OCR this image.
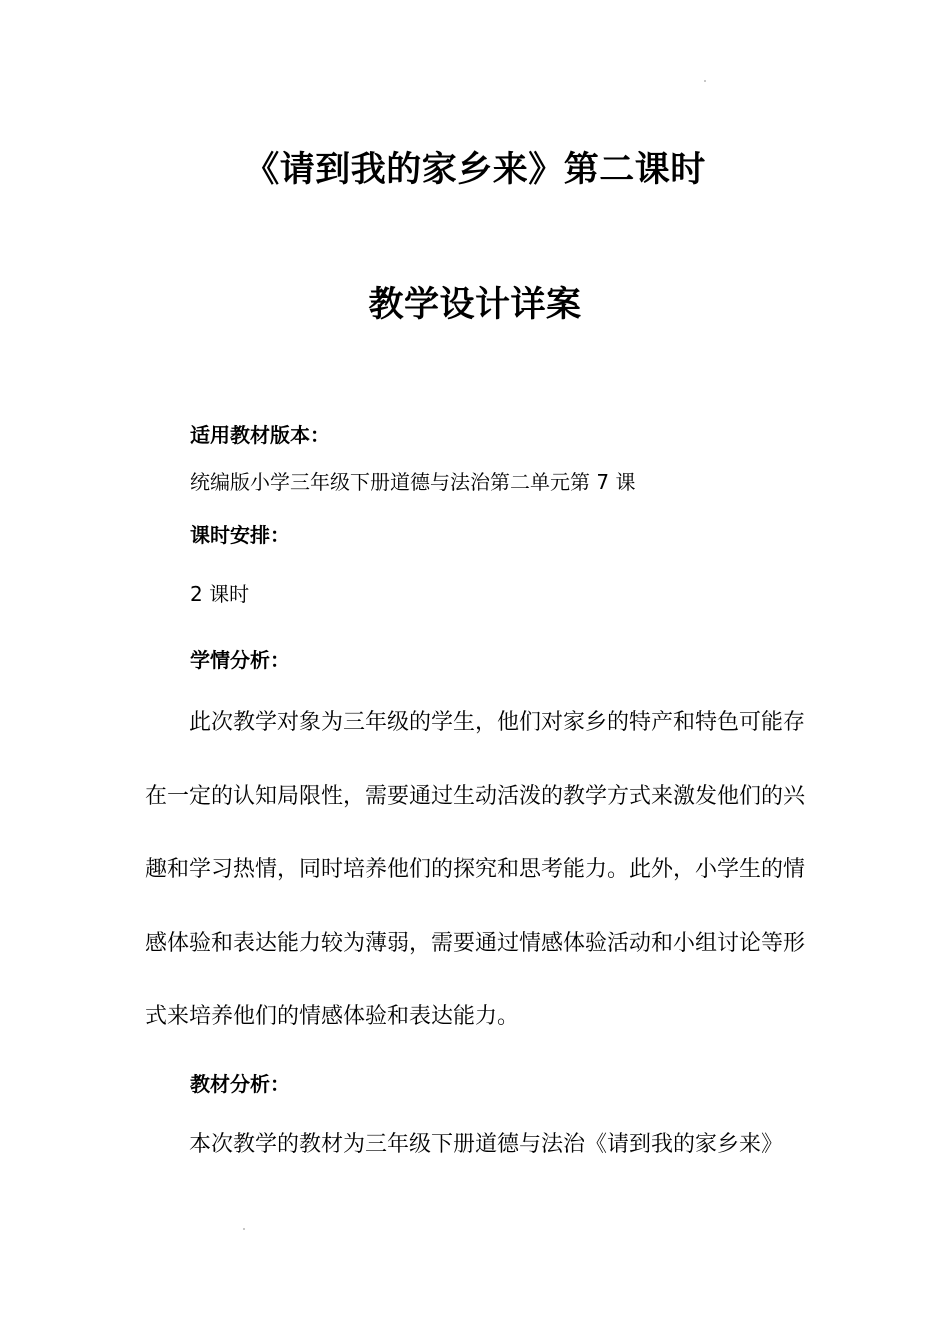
《请到我的家乡来》第二课时
教学设计详案
适用教材版本：
统编版小学三年级下册道德与法治第二单元第 7 课
课时安排：
2 课时
学情分析：

此次教学对象为三年级的学生，他们对家乡的特产和特色可能存在一定的认知局限性，需要通过生动活泼的教学方式来激发他们的兴趣和学习热情，同时培养他们的探究和思考能力。此外，小学生的情感体验和表达能力较为薄弱，需要通过情感体验活动和小组讨论等形式来培养他们的情感体验和表达能力。

教材分析：

本次教学的教材为三年级下册道德与法治《请到我的家乡来》
